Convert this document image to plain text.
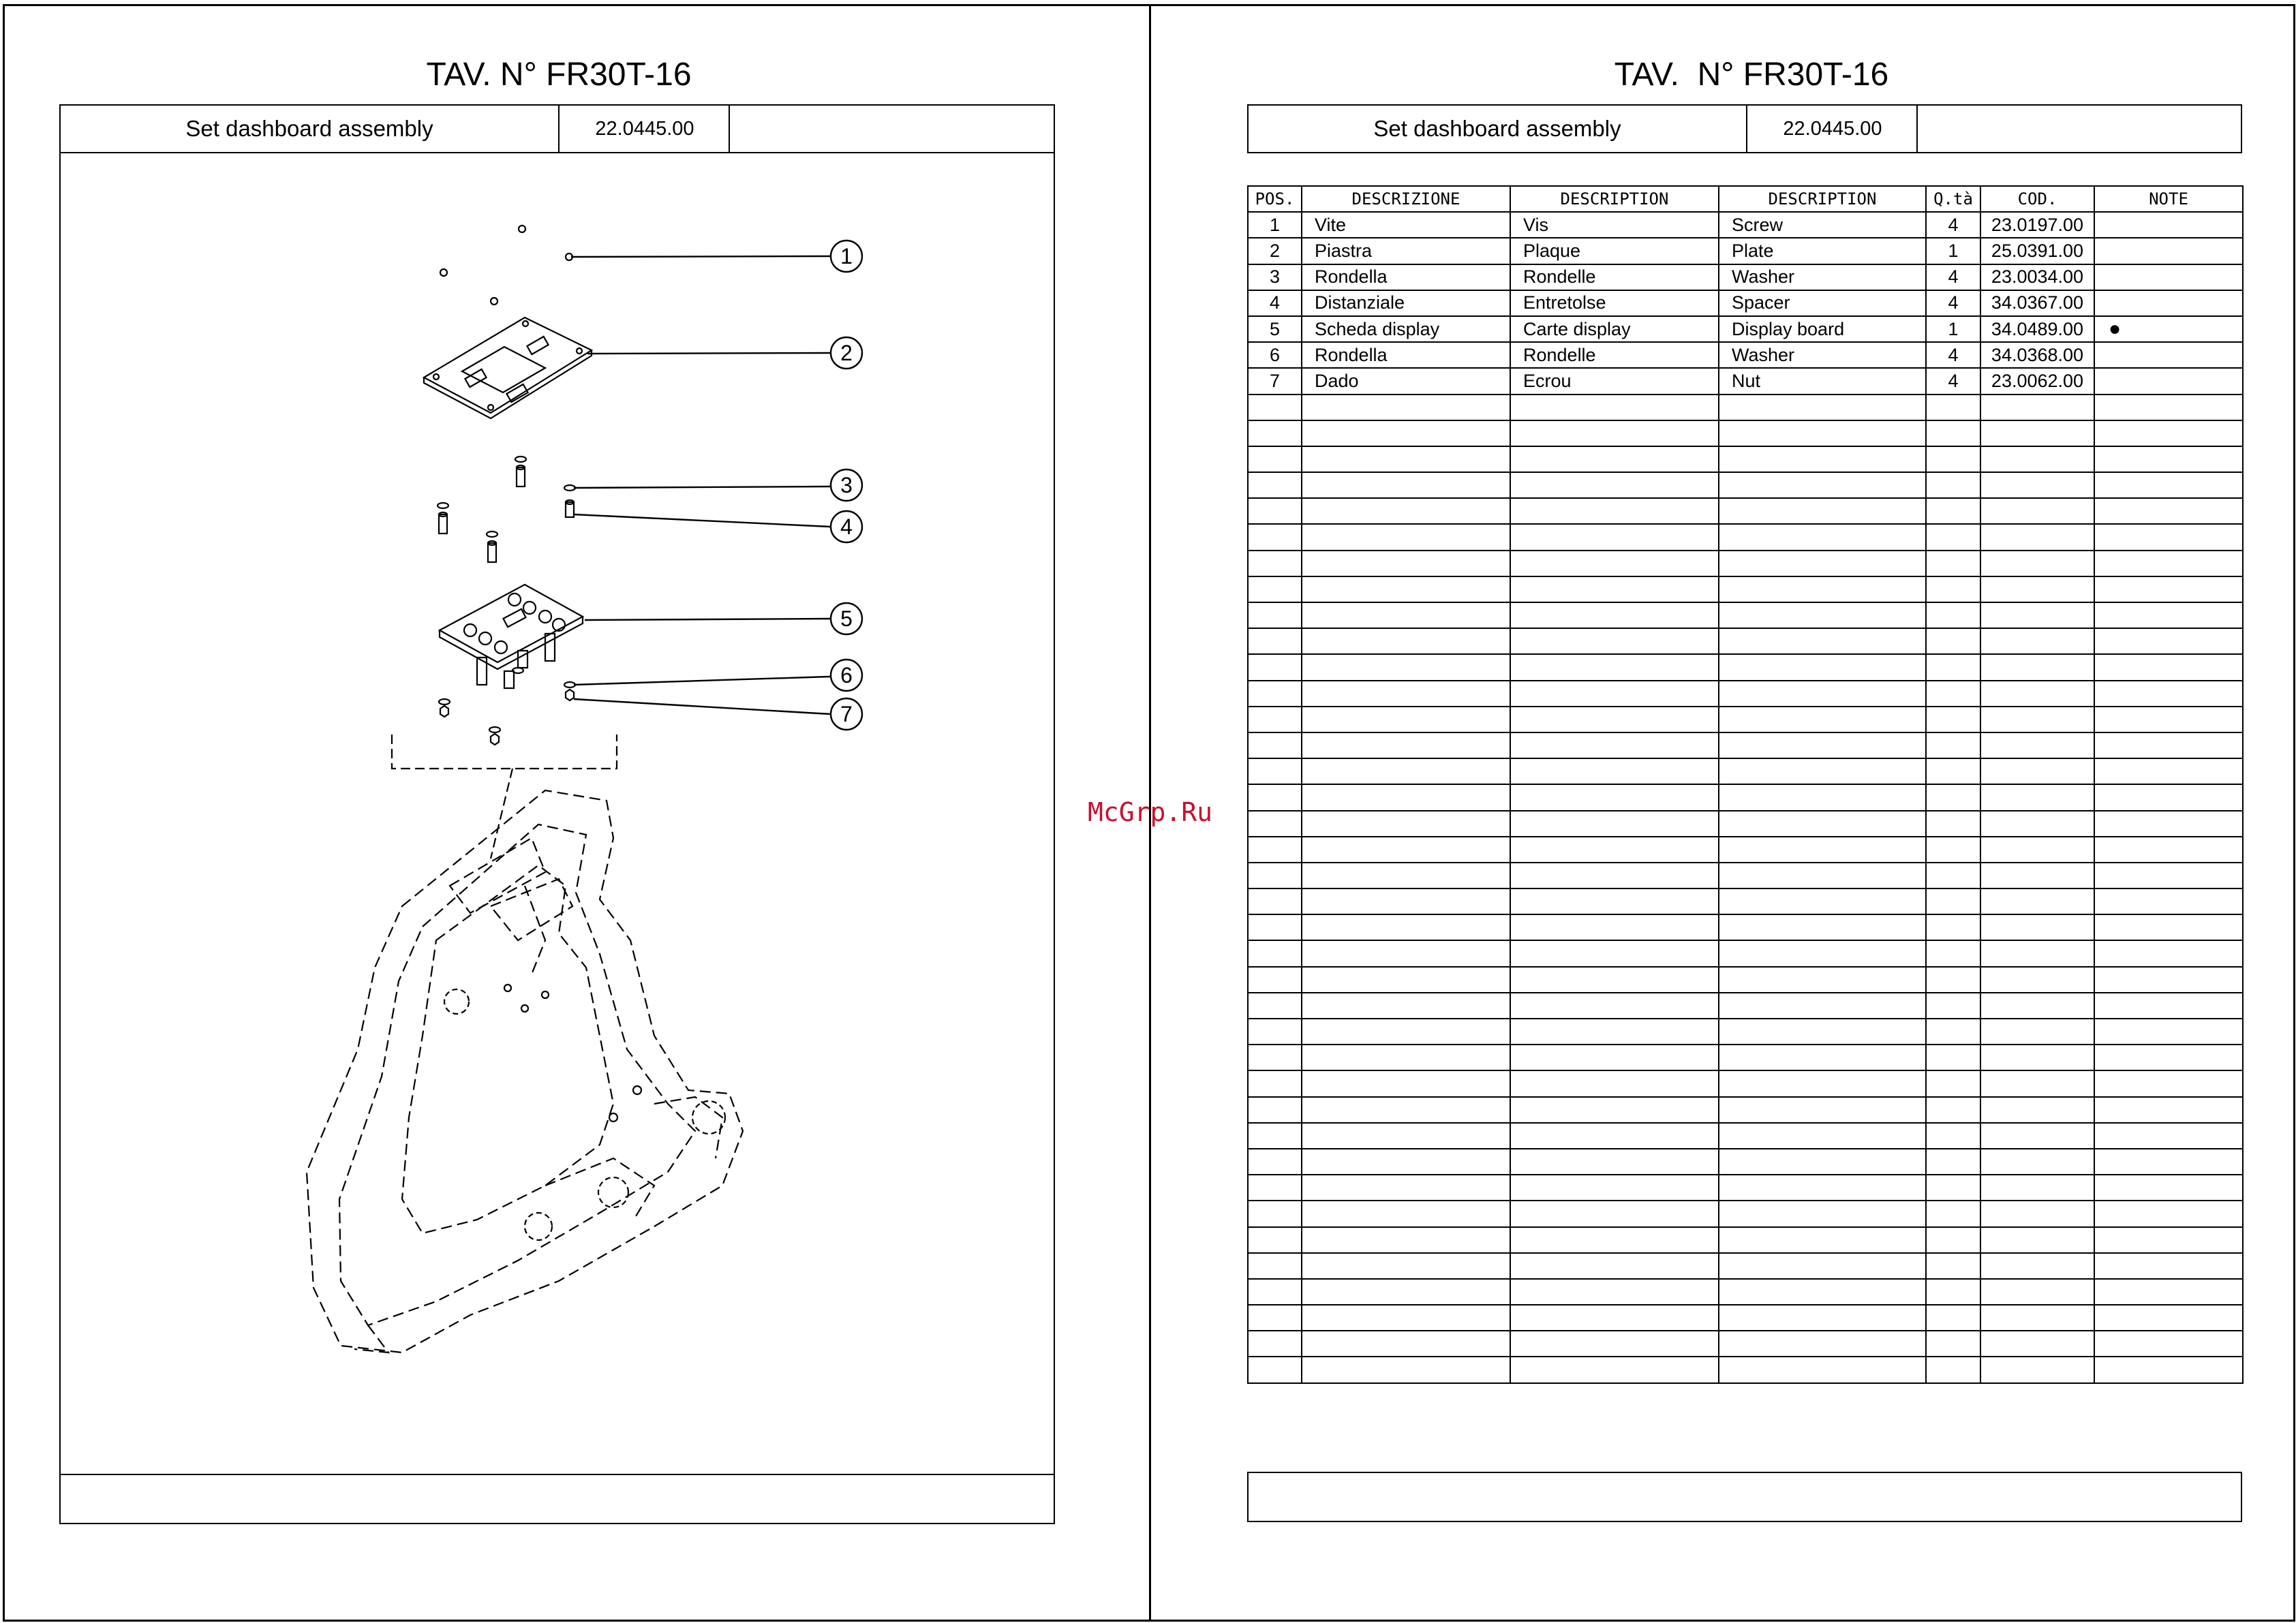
TAV. N° FR30T-16
Set dashboard assembly	22.0445.00
1
2
3
4
5
6
7
TAV.  N° FR30T-16
Set dashboard assembly	22.0445.00
POS.	DESCRIZIONE	DESCRIPTION	DESCRIPTION	Q.tà	COD.	NOTE
1	Vite	Vis	Screw	4	23.0197.00	
2	Piastra	Plaque	Plate	1	25.0391.00	
3	Rondella	Rondelle	Washer	4	23.0034.00	
4	Distanziale	Entretolse	Spacer	4	34.0367.00	
5	Scheda display	Carte display	Display board	1	34.0489.00	●
6	Rondella	Rondelle	Washer	4	34.0368.00	
7	Dado	Ecrou	Nut	4	23.0062.00	

McGrp.Ru
